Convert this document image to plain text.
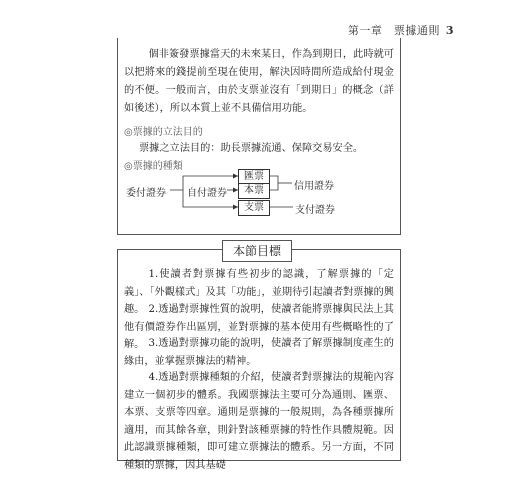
第一章　票據通則 3
個非簽發票據當天的未來某日，作為到期日，此時就可以把將來的錢提前至現在使用，解決因時間所造成給付現金的不便。一般而言，由於支票並沒有「到期日」的概念（詳如後述），所以本質上並不具備信用功能。
◎票據的立法目的
票據之立法目的：助長票據流通、保障交易安全。
◎票據的種類
委付證券 自付證券
匯票
本票
支票
信用證券
支付證券
本節目標
1.使讀者對票據有些初步的認識，了解票據的「定義」、「外觀樣式」及其「功能」，並期待引起讀者對票據的興趣。 2.透過對票據性質的說明，使讀者能將票據與民法上其他有價證券作出區別，並對票據的基本使用有些概略性的了解。 3.透過對票據功能的說明，使讀者了解票據制度產生的緣由，並掌握票據法的精神。
4.透過對票據種類的介紹，使讀者對票據法的規範內容建立一個初步的體系。我國票據法主要可分為通則、匯票、本票、支票等四章。通則是票據的一般規則，為各種票據所適用，而其餘各章，則針對該種票據的特性作具體規範。因此認識票據種類，即可建立票據法的體系。另一方面，不同種類的票據，因其基礎
